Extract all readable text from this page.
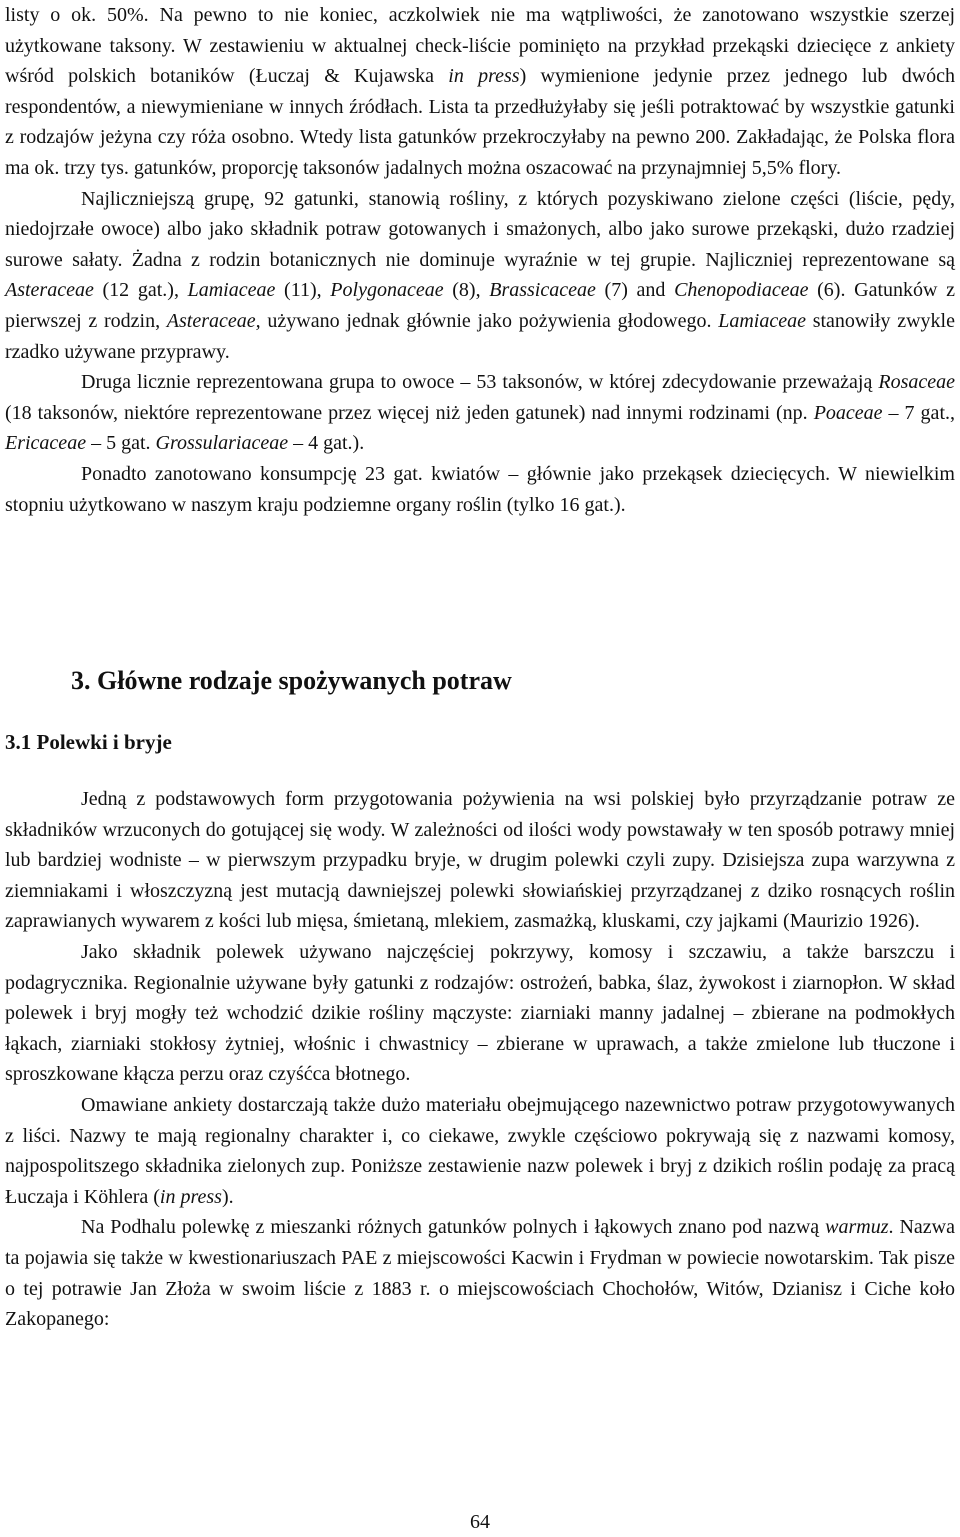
listy o ok. 50%. Na pewno to nie koniec, aczkolwiek nie ma wątpliwości, że zanotowano wszystkie szerzej użytkowane taksony. W zestawieniu w aktualnej check-liście pominięto na przykład przekąski dziecięce z ankiety wśród polskich botaników (Łuczaj & Kujawska in press) wymienione jedynie przez jednego lub dwóch respondentów, a niewymieniane w innych źródłach. Lista ta przedłużyłaby się jeśli potraktować by wszystkie gatunki z rodzajów jeżyna czy róża osobno. Wtedy lista gatunków przekroczyłaby na pewno 200. Zakładając, że Polska flora ma ok. trzy tys. gatunków, proporcję taksonów jadalnych można oszacować na przynajmniej 5,5% flory.

Najliczniejszą grupę, 92 gatunki, stanowią rośliny, z których pozyskiwano zielone części (liście, pędy, niedojrzałe owoce) albo jako składnik potraw gotowanych i smażonych, albo jako surowe przekąski, dużo rzadziej surowe sałaty. Żadna z rodzin botanicznych nie dominuje wyraźnie w tej grupie. Najliczniej reprezentowane są Asteraceae (12 gat.), Lamiaceae (11), Polygonaceae (8), Brassicaceae (7) and Chenopodiaceae (6). Gatunków z pierwszej z rodzin, Asteraceae, używano jednak głównie jako pożywienia głodowego. Lamiaceae stanowiły zwykle rzadko używane przyprawy.

Druga licznie reprezentowana grupa to owoce – 53 taksonów, w której zdecydowanie przeważają Rosaceae (18 taksonów, niektóre reprezentowane przez więcej niż jeden gatunek) nad innymi rodzinami (np. Poaceae – 7 gat., Ericaceae – 5 gat. Grossulariaceae – 4 gat.).

Ponadto zanotowano konsumpcję 23 gat. kwiatów – głównie jako przekąsek dziecięcych. W niewielkim stopniu użytkowano w naszym kraju podziemne organy roślin (tylko 16 gat.).

3. Główne rodzaje spożywanych potraw
3.1 Polewki i bryje

Jedną z podstawowych form przygotowania pożywienia na wsi polskiej było przyrządzanie potraw ze składników wrzuconych do gotującej się wody. W zależności od ilości wody powstawały w ten sposób potrawy mniej lub bardziej wodniste – w pierwszym przypadku bryje, w drugim polewki czyli zupy. Dzisiejsza zupa warzywna z ziemniakami i włoszczyzną jest mutacją dawniejszej polewki słowiańskiej przyrządzanej z dziko rosnących roślin zaprawianych wywarem z kości lub mięsa, śmietaną, mlekiem, zasmażką, kluskami, czy jajkami (Maurizio 1926).

Jako składnik polewek używano najczęściej pokrzywy, komosy i szczawiu, a także barszczu i podagrycznika. Regionalnie używane były gatunki z rodzajów: ostrożeń, babka, ślaz, żywokost i ziarnopłon. W skład polewek i bryj mogły też wchodzić dzikie rośliny mączyste: ziarniaki manny jadalnej – zbierane na podmokłych łąkach, ziarniaki stokłosy żytniej, włośnic i chwastnicy – zbierane w uprawach, a także zmielone lub tłuczone i sproszkowane kłącza perzu oraz czyśćca błotnego.

Omawiane ankiety dostarczają także dużo materiału obejmującego nazewnictwo potraw przygotowywanych z liści. Nazwy te mają regionalny charakter i, co ciekawe, zwykle częściowo pokrywają się z nazwami komosy, najpospolitszego składnika zielonych zup. Poniższe zestawienie nazw polewek i bryj z dzikich roślin podaję za pracą Łuczaja i Köhlera (in press).

Na Podhalu polewkę z mieszanki różnych gatunków polnych i łąkowych znano pod nazwą warmuz. Nazwa ta pojawia się także w kwestionariuszach PAE z miejscowości Kacwin i Frydman w powiecie nowotarskim. Tak pisze o tej potrawie Jan Złoża w swoim liście z 1883 r. o miejscowościach Chochołów, Witów, Dzianisz i Ciche koło Zakopanego:

64
